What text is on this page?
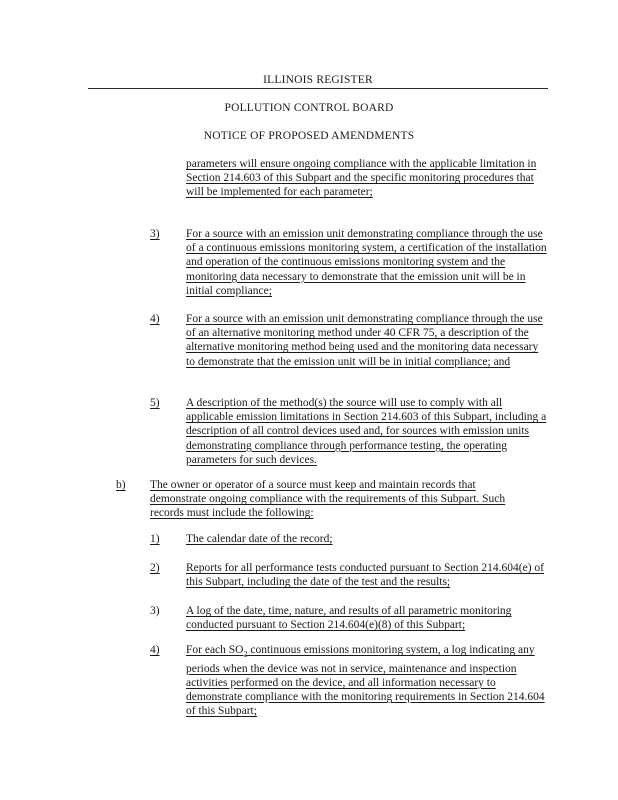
ILLINOIS REGISTER
POLLUTION CONTROL BOARD
NOTICE OF PROPOSED AMENDMENTS
parameters will ensure ongoing compliance with the applicable limitation in Section 214.603 of this Subpart and the specific monitoring procedures that will be implemented for each parameter;
3) For a source with an emission unit demonstrating compliance through the use of a continuous emissions monitoring system, a certification of the installation and operation of the continuous emissions monitoring system and the monitoring data necessary to demonstrate that the emission unit will be in initial compliance;
4) For a source with an emission unit demonstrating compliance through the use of an alternative monitoring method under 40 CFR 75, a description of the alternative monitoring method being used and the monitoring data necessary to demonstrate that the emission unit will be in initial compliance; and
5) A description of the method(s) the source will use to comply with all applicable emission limitations in Section 214.603 of this Subpart, including a description of all control devices used and, for sources with emission units demonstrating compliance through performance testing, the operating parameters for such devices.
b) The owner or operator of a source must keep and maintain records that demonstrate ongoing compliance with the requirements of this Subpart. Such records must include the following:
1) The calendar date of the record;
2) Reports for all performance tests conducted pursuant to Section 214.604(e) of this Subpart, including the date of the test and the results;
3) A log of the date, time, nature, and results of all parametric monitoring conducted pursuant to Section 214.604(e)(8) of this Subpart;
4) For each $SO_2$ continuous emissions monitoring system, a log indicating any periods when the device was not in service, maintenance and inspection activities performed on the device, and all information necessary to demonstrate compliance with the monitoring requirements in Section 214.604 of this Subpart;
